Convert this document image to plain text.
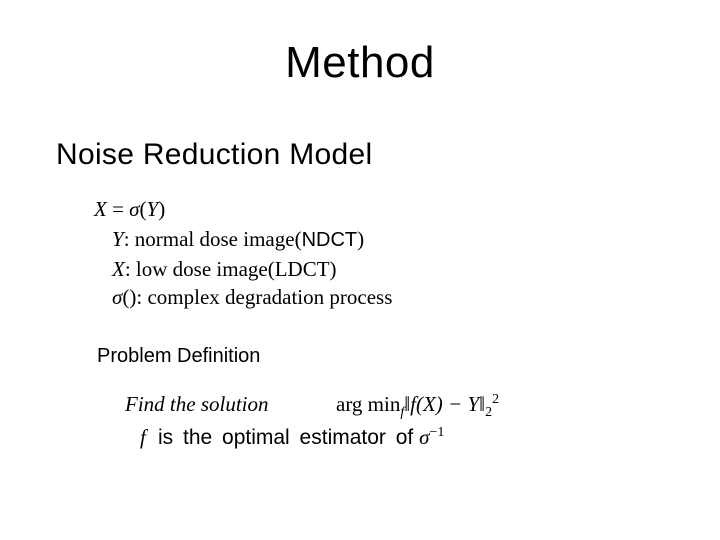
Method
Noise Reduction Model
X = σ(Y)
Y: normal dose image(NDCT)
X: low dose image(LDCT)
σ(): complex degradation process
Problem Definition
Find the solution	arg $\min_f‖f(X)$ − $Y‖_2^2$
f is the optimal estimator of $\sigma^{-1}$
